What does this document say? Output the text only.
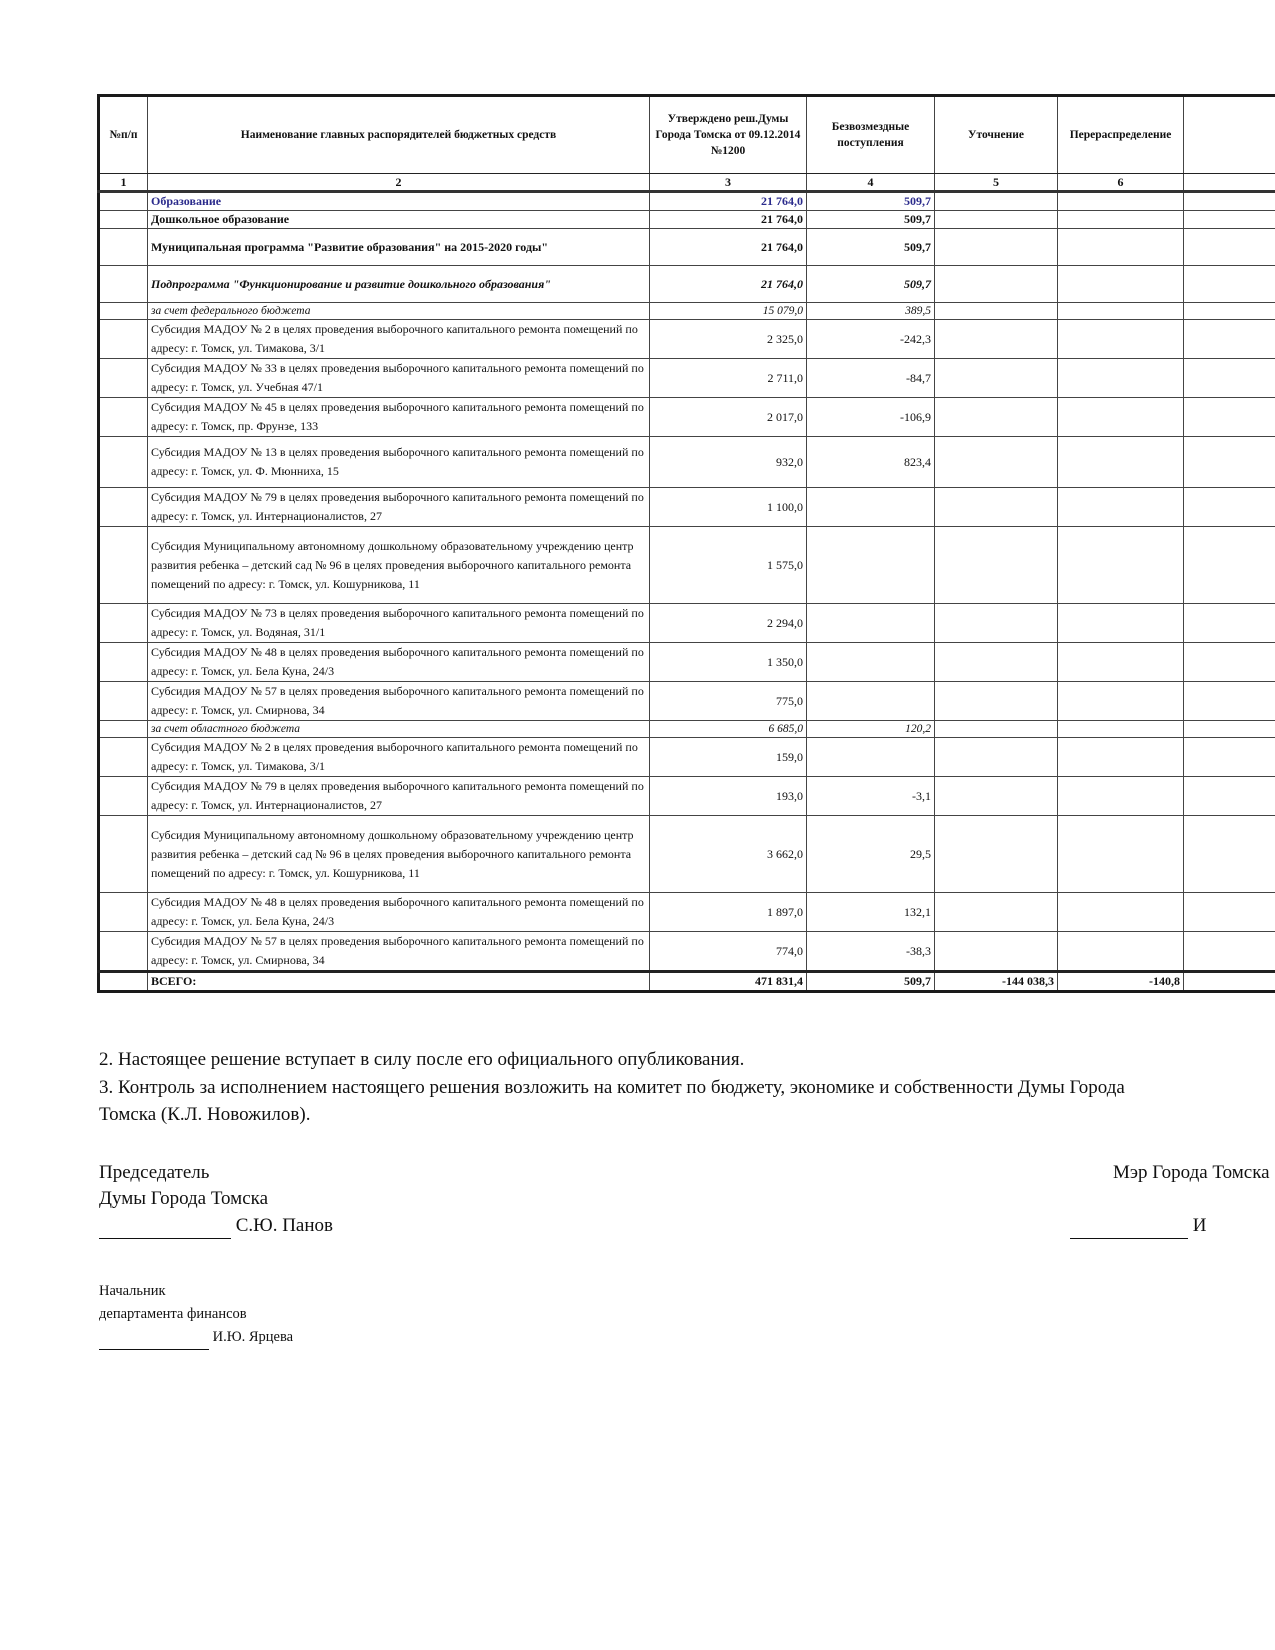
№п/п	Наименование главных распорядителей бюджетных средств	Утверждено реш.Думы Города Томска от 09.12.2014 №1200	Безвозмездные поступления	Уточнение	Перераспределение	
1	2	3	4	5	6	
	Образование	21 764,0	509,7			
	Дошкольное образование	21 764,0	509,7			
	Муниципальная программа "Развитие образования" на 2015-2020 годы"	21 764,0	509,7			
	Подпрограмма "Функционирование и развитие дошкольного образования"	21 764,0	509,7			
	за счет федерального бюджета	15 079,0	389,5			
	Субсидия МАДОУ № 2 в целях проведения выборочного капитального ремонта помещений по адресу: г. Томск, ул. Тимакова, 3/1	2 325,0	-242,3			
	Субсидия МАДОУ № 33 в целях проведения выборочного капитального ремонта помещений по адресу: г. Томск, ул. Учебная 47/1	2 711,0	-84,7			
	Субсидия МАДОУ № 45 в целях проведения выборочного капитального ремонта помещений по адресу: г. Томск, пр. Фрунзе, 133	2 017,0	-106,9			
	Субсидия МАДОУ № 13 в целях проведения выборочного капитального ремонта помещений по адресу: г. Томск, ул. Ф. Мюнниха, 15	932,0	823,4			
	Субсидия МАДОУ № 79 в целях проведения выборочного капитального ремонта помещений по адресу: г. Томск, ул. Интернационалистов, 27	1 100,0				
	Субсидия Муниципальному автономному дошкольному образовательному учреждению центр развития ребенка – детский сад № 96 в целях проведения выборочного капитального ремонта помещений по адресу: г. Томск, ул. Кошурникова, 11	1 575,0				
	Субсидия МАДОУ № 73 в целях проведения выборочного капитального ремонта помещений по адресу: г. Томск, ул. Водяная, 31/1	2 294,0				
	Субсидия МАДОУ № 48 в целях проведения выборочного капитального ремонта помещений по адресу: г. Томск, ул. Бела Куна, 24/3	1 350,0				
	Субсидия МАДОУ № 57 в целях проведения выборочного капитального ремонта помещений по адресу: г. Томск, ул. Смирнова, 34	775,0				
	за счет областного бюджета	6 685,0	120,2			
	Субсидия МАДОУ № 2 в целях проведения выборочного капитального ремонта помещений по адресу: г. Томск, ул. Тимакова, 3/1	159,0				
	Субсидия МАДОУ № 79 в целях проведения выборочного капитального ремонта помещений по адресу: г. Томск, ул. Интернационалистов, 27	193,0	-3,1			
	Субсидия Муниципальному автономному дошкольному образовательному учреждению центр развития ребенка – детский сад № 96 в целях проведения выборочного капитального ремонта помещений по адресу: г. Томск, ул. Кошурникова, 11	3 662,0	29,5			
	Субсидия МАДОУ № 48 в целях проведения выборочного капитального ремонта помещений по адресу: г. Томск, ул. Бела Куна, 24/3	1 897,0	132,1			
	Субсидия МАДОУ № 57 в целях проведения выборочного капитального ремонта помещений по адресу: г. Томск, ул. Смирнова, 34	774,0	-38,3			
	ВСЕГО:	471 831,4	509,7	-144 038,3	-140,8	
2. Настоящее решение вступает в силу после его официального опубликования.
3. Контроль за исполнением настоящего решения возложить на комитет по бюджету, экономике и собственности Думы Города
Томска (К.Л. Новожилов).
Председатель
Думы Города Томска
С.Ю. Панов
Мэр Города Томска
И
Начальник
департамента финансов
И.Ю. Ярцева
